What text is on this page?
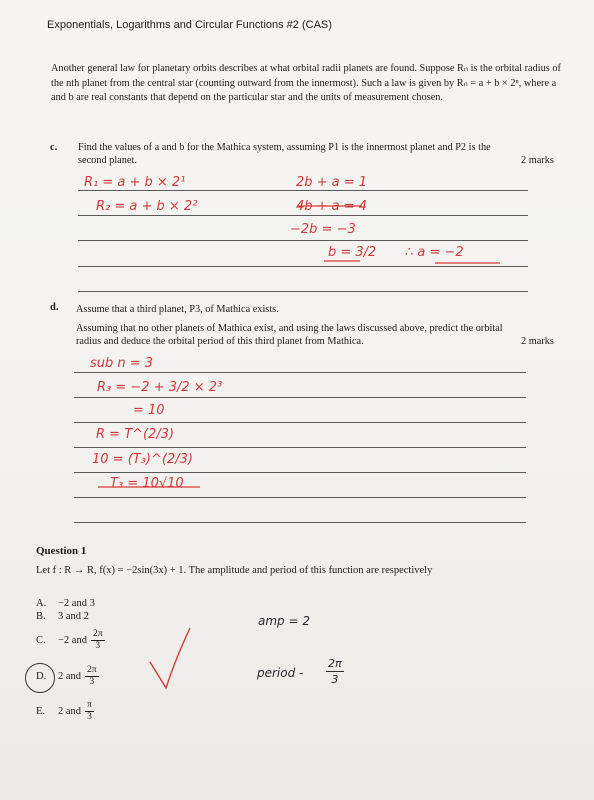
Exponentials, Logarithms and Circular Functions #2 (CAS)
Another general law for planetary orbits describes at what orbital radii planets are found. Suppose Rₙ is the orbital radius of the nth planet from the central star (counting outward from the innermost). Such a law is given by Rₙ = a + b × 2ⁿ, where a and b are real constants that depend on the particular star and the units of measurement chosen.
c. Find the values of a and b for the Mathica system, assuming P1 is the innermost planet and P2 is the second planet.	2 marks
R₁ = a + b × 2¹
R₂ = a + b × 2²
2b + a = 1
4b + a = 4
−2b = −3
b = 3/2 ∴ a = −2
d. Assume that a third planet, P3, of Mathica exists.
Assuming that no other planets of Mathica exist, and using the laws discussed above, predict the orbital radius and deduce the orbital period of this third planet from Mathica.	2 marks
sub n = 3
R₃ = −2 + 3/2 × 2³
= 10
R = T^(2/3)
10 = (T₃)^(2/3)
T₃ = 10√10
Question 1
Let f : R → R, f(x) = −2sin(3x) + 1. The amplitude and period of this function are respectively
A.	−2 and 3
B.	3 and 2
C.	−2 and $\frac{2\pi}{3}$
D.	2 and $\frac{2\pi}{3}$
E.	2 and $\frac{\pi}{3}$
amp = 2
period - $\frac{2\pi}{3}$
